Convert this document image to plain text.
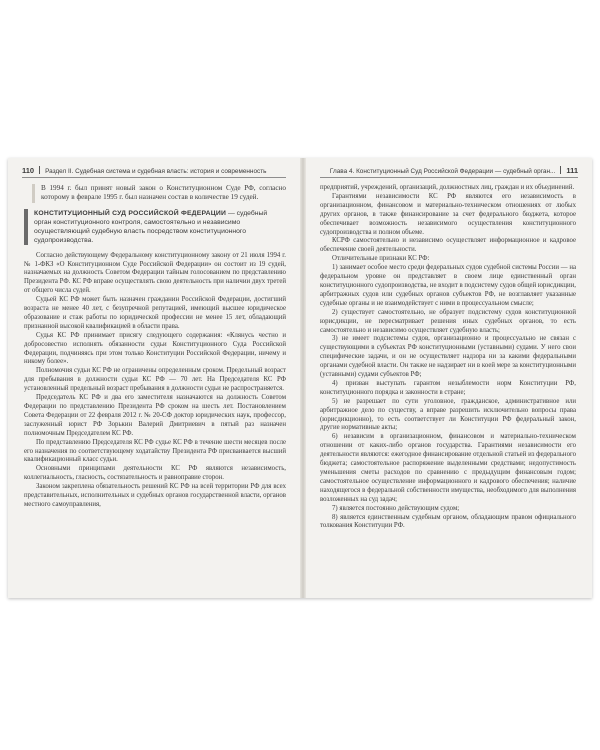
110 Раздел II. Судебная система и судебная власть: история и современность

В 1994 г. был принят новый закон о Конституционном Суде РФ, согласно которому в феврале 1995 г. был назначен состав в количестве 19 судей.

КОНСТИТУЦИОННЫЙ СУД РОССИЙСКОЙ ФЕДЕРАЦИИ — судебный орган конституционного контроля, самостоятельно и независимо осуществляющий судебную власть посредством конституционного судопроизводства.

Согласно действующему Федеральному конституционному закону от 21 июля 1994 г. № 1-ФКЗ «О Конституционном Суде Российской Федерации» он состоит из 19 судей, назначаемых на должность Советом Федерации тайным голосованием по представлению Президента РФ. КС РФ вправе осуществлять свою деятельность при наличии двух третей от общего числа судей.

Судьей КС РФ может быть назначен гражданин Российской Федерации, достигший возраста не менее 40 лет, с безупречной репутацией, имеющий высшее юридическое образование и стаж работы по юридической профессии не менее 15 лет, обладающий признанной высокой квалификацией в области права.

Судья КС РФ принимает присягу следующего содержания: «Клянусь честно и добросовестно исполнять обязанности судьи Конституционного Суда Российской Федерации, подчиняясь при этом только Конституции Российской Федерации, ничему и никому более».

Полномочия судьи КС РФ не ограничены определенным сроком. Предельный возраст для пребывания в должности судьи КС РФ — 70 лет. На Председателя КС РФ установленный предельный возраст пребывания в должности судьи не распространяется.

Председатель КС РФ и два его заместителя назначаются на должность Советом Федерации по представлению Президента РФ сроком на шесть лет. Постановлением Совета Федерации от 22 февраля 2012 г. № 20-СФ доктор юридических наук, профессор, заслуженный юрист РФ Зорькин Валерий Дмитриевич в пятый раз назначен полномочным Председателем КС РФ.

По представлению Председателя КС РФ судье КС РФ в течение шести месяцев после его назначения по соответствующему ходатайству Президента РФ присваивается высший квалификационный класс судьи.

Основными принципами деятельности КС РФ являются независимость, коллегиальность, гласность, состязательность и равноправие сторон.

Законом закреплена обязательность решений КС РФ на всей территории РФ для всех представительных, исполнительных и судебных органов государственной власти, органов местного самоуправления,

Глава 4. Конституционный Суд Российской Федерации — судебный орган... 111

предприятий, учреждений, организаций, должностных лиц, граждан и их объединений.

Гарантиями независимости КС РФ являются его независимость в организационном, финансовом и материально-техническом отношениях от любых других органов, в также финансирование за счет федерального бюджета, которое обеспечивает возможность независимого осуществления конституционного судопроизводства и полном объеме.

КСРФ самостоятельно и независимо осуществляет информационное и кадровое обеспечение своей деятельности.

Отличительные признаки КС РФ:

1) занимает особое место среди федеральных судов судебной системы России — на федеральном уровне он представляет в своем лице единственный орган конституционного судопроизводства, не входит в подсистему судов общей юрисдикции, арбитражных судов или судебных органов субъектов РФ, не возглавляет указанные судебные органы и не взаимодействует с ними в процессуальном смысле;

2) существует самостоятельно, не образует подсистему судов конституционной юрисдикции, не пересматривает решения иных судебных органов, то есть самостоятельно и независимо осуществляет судебную власть;

3) не имеет подсистемы судов, организационно и процессуально не связан с существующими в субъектах РФ конституционными (уставными) судами. У него свои специфические задачи, и он не осуществляет надзора ни за какими федеральными органами судебной власти. Он также не надзирает ни в коей мере за конституционными (уставными) судами субъектов РФ;

4) призван выступать гарантом незыблемости норм Конституции РФ, конституционного порядка и законности в стране;

5) не разрешает по сути уголовное, гражданское, административное или арбитражное дело по существу, а вправе разрешить исключительно вопросы права (юрисдикционно), то есть соответствует ли Конституции РФ федеральный закон, другие нормативные акты;

6) независим в организационном, финансовом и материально-техническом отношении от каких-либо органов государства. Гарантиями независимости его деятельности являются: ежегодное финансирование отдельной статьей из федерального бюджета; самостоятельное распоряжение выделенными средствами; недопустимость уменьшения сметы расходов по сравнению с предыдущим финансовым годом; самостоятельное осуществление информационного и кадрового обеспечения; наличие находящегося в федеральной собственности имущества, необходимого для выполнения возложенных на суд задач;

7) является постоянно действующим судом;

8) является единственным судебным органом, обладающим правом официального толкования Конституции РФ.
